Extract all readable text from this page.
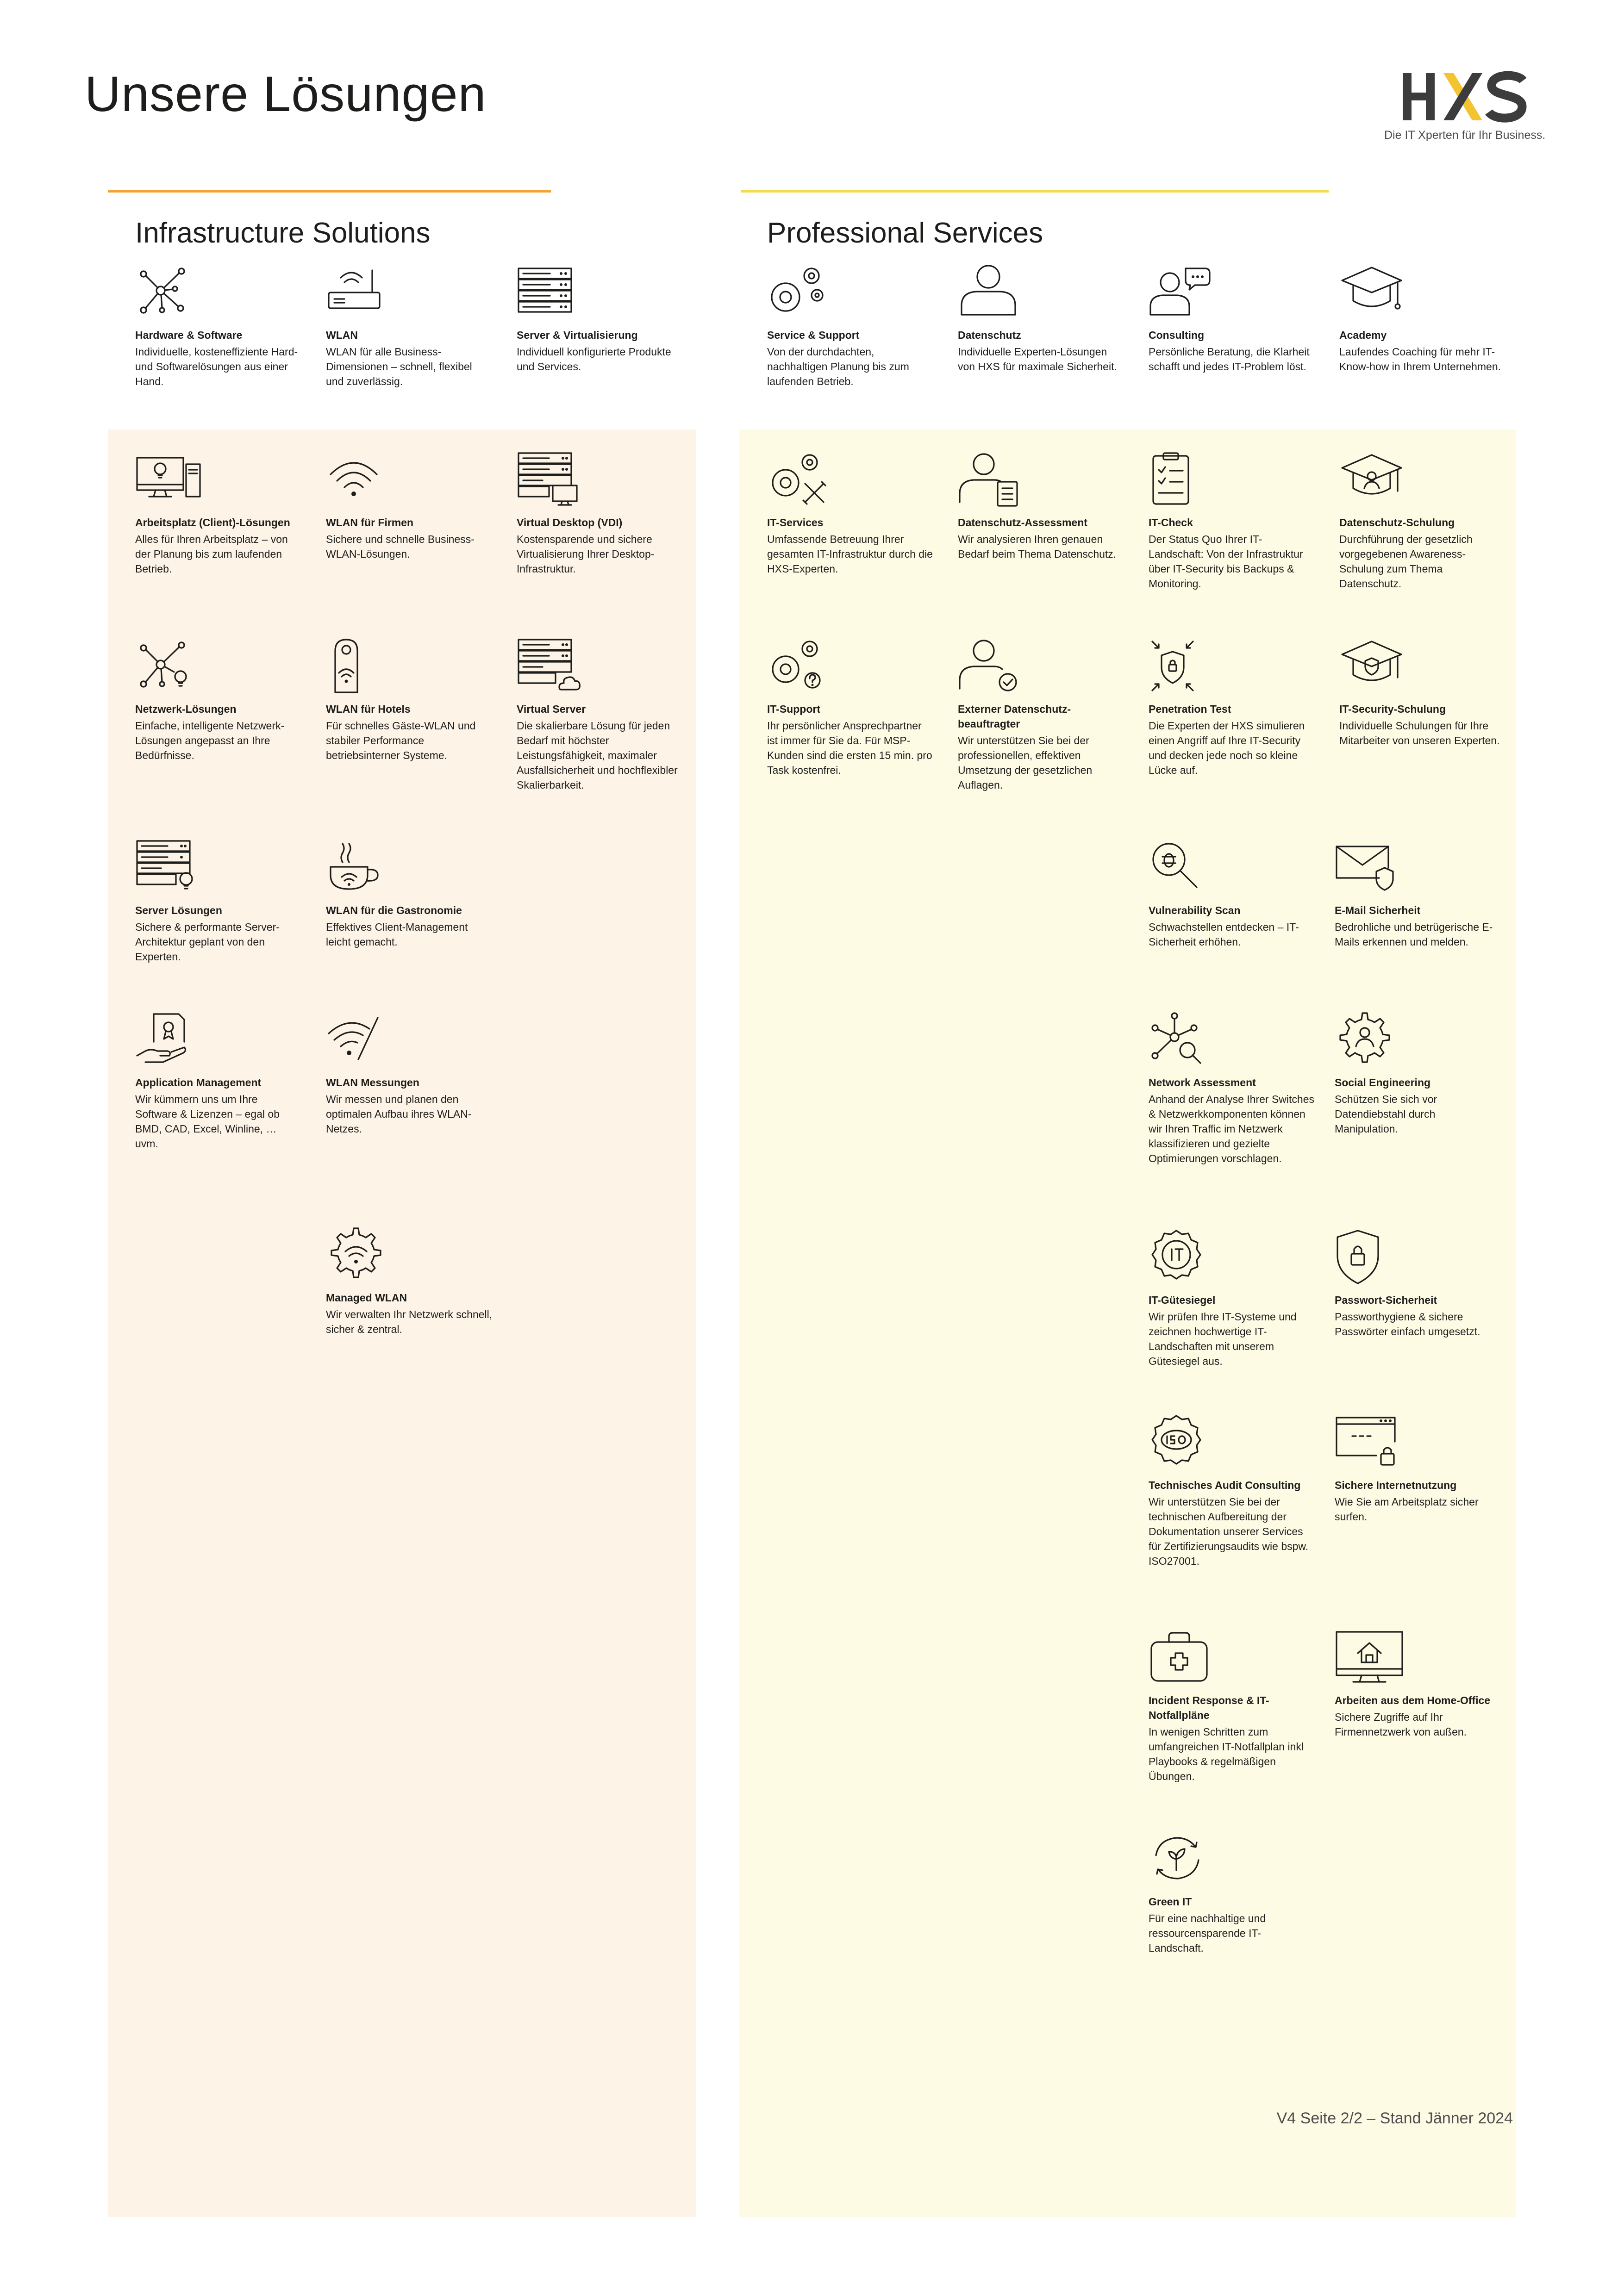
Unsere Lösungen
Die IT Xperten für Ihr Business.
Infrastructure Solutions	Professional Services
Hardware & Software
Individuelle, kosteneffiziente Hard- und Softwarelösungen aus einer Hand.
WLAN
WLAN für alle Business-Dimensionen – schnell, flexibel und zuverlässig.
Server & Virtualisierung
Individuell konfigurierte Produkte und Services.
Arbeitsplatz (Client)-Lösungen
Alles für Ihren Arbeitsplatz – von der Planung bis zum laufenden Betrieb.
WLAN für Firmen
Sichere und schnelle Business-WLAN-Lösungen.
Virtual Desktop (VDI)
Kostensparende und sichere Virtualisierung Ihrer Desktop-Infrastruktur.
Netzwerk-Lösungen
Einfache, intelligente Netzwerk-Lösungen angepasst an Ihre Bedürfnisse.
WLAN für Hotels
Für schnelles Gäste-WLAN und stabiler Performance betriebsinterner Systeme.
Virtual Server
Die skalierbare Lösung für jeden Bedarf mit höchster Leistungsfähigkeit, maximaler Ausfallsicherheit und hochflexibler Skalierbarkeit.
Server Lösungen
Sichere & performante Server-Architektur geplant von den Experten.
WLAN für die Gastronomie
Effektives Client-Management leicht gemacht.
Application Management
Wir kümmern uns um Ihre Software & Lizenzen – egal ob BMD, CAD, Excel, Winline, … uvm.
WLAN Messungen
Wir messen und planen den optimalen Aufbau ihres WLAN-Netzes.
Managed WLAN
Wir verwalten Ihr Netzwerk schnell, sicher & zentral.
Service & Support
Von der durchdachten, nachhaltigen Planung bis zum laufenden Betrieb.
Datenschutz
Individuelle Experten-Lösungen von HXS für maximale Sicherheit.
Consulting
Persönliche Beratung, die Klarheit schafft und jedes IT-Problem löst.
Academy
Laufendes Coaching für mehr IT-Know-how in Ihrem Unternehmen.
IT-Services
Umfassende Betreuung Ihrer gesamten IT-Infrastruktur durch die HXS-Experten.
Datenschutz-Assessment
Wir analysieren Ihren genauen Bedarf beim Thema Datenschutz.
IT-Check
Der Status Quo Ihrer IT-Landschaft: Von der Infrastruktur über IT-Security bis Backups & Monitoring.
Datenschutz-Schulung
Durchführung der gesetzlich vorgegebenen Awareness-Schulung zum Thema Datenschutz.
IT-Support
Ihr persönlicher Ansprechpartner ist immer für Sie da. Für MSP-Kunden sind die ersten 15 min. pro Task kostenfrei.
Externer Datenschutz-beauftragter
Wir unterstützen Sie bei der professionellen, effektiven Umsetzung der gesetzlichen Auflagen.
Penetration Test
Die Experten der HXS simulieren einen Angriff auf Ihre IT-Security und decken jede noch so kleine Lücke auf.
IT-Security-Schulung
Individuelle Schulungen für Ihre Mitarbeiter von unseren Experten.
Vulnerability Scan
Schwachstellen entdecken – IT-Sicherheit erhöhen.
E-Mail Sicherheit
Bedrohliche und betrügerische E-Mails erkennen und melden.
Network Assessment
Anhand der Analyse Ihrer Switches & Netzwerkkomponenten können wir Ihren Traffic im Netzwerk klassifizieren und gezielte Optimierungen vorschlagen.
Social Engineering
Schützen Sie sich vor Datendiebstahl durch Manipulation.
IT-Gütesiegel
Wir prüfen Ihre IT-Systeme und zeichnen hochwertige IT-Landschaften mit unserem Gütesiegel aus.
Passwort-Sicherheit
Passworthygiene & sichere Passwörter einfach umgesetzt.
Technisches Audit Consulting
Wir unterstützen Sie bei der technischen Aufbereitung der Dokumentation unserer Services für Zertifizierungsaudits wie bspw. ISO27001.
Sichere Internetnutzung
Wie Sie am Arbeitsplatz sicher surfen.
Incident Response & IT-Notfallpläne
In wenigen Schritten zum umfangreichen IT-Notfallplan inkl Playbooks & regelmäßigen Übungen.
Arbeiten aus dem Home-Office
Sichere Zugriffe auf Ihr Firmennetzwerk von außen.
Green IT
Für eine nachhaltige und ressourcensparende IT-Landschaft.
V4 Seite 2/2 – Stand Jänner 2024
